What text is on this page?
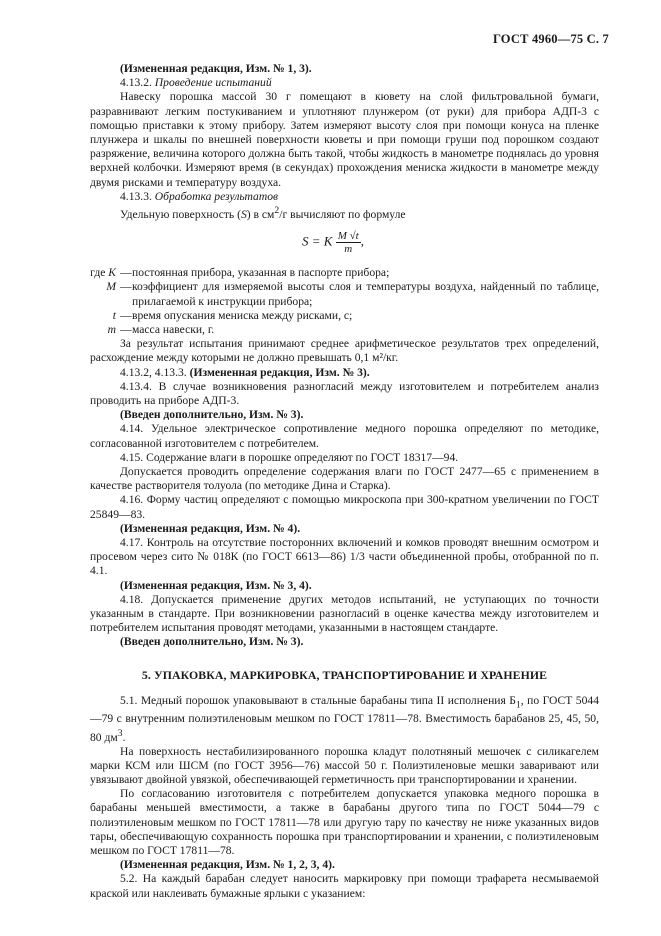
ГОСТ 4960—75 С. 7

(Измененная редакция, Изм. № 1, 3).

4.13.2. Проведение испытаний

Навеску порошка массой 30 г помещают в кювету на слой фильтровальной бумаги, разравнивают легким постукиванием и уплотняют плунжером (от руки) для прибора АДП-3 с помощью приставки к этому прибору. Затем измеряют высоту слоя при помощи конуса на пленке плунжера и шкалы по внешней поверхности кюветы и при помощи груши под порошком создают разряжение, величина которого должна быть такой, чтобы жидкость в манометре поднялась до уровня верхней колбочки. Измеряют время (в секундах) прохождения мениска жидкости в манометре между двумя рисками и температуру воздуха.

4.13.3. Обработка результатов

Удельную поверхность (S) в $см^2/г$ вычисляют по формуле

S = K $\frac{M √t}{m}$ ,
где K — постоянная прибора, указанная в паспорте прибора;
M — коэффициент для измеряемой высоты слоя и температуры воздуха, найденный по таблице, прилагаемой к инструкции прибора;
t — время опускания мениска между рисками, с;
m — масса навески, г.

За результат испытания принимают среднее арифметическое результатов трех определений, расхождение между которыми не должно превышать 0,1 м²/кг.

4.13.2, 4.13.3. (Измененная редакция, Изм. № 3).

4.13.4. В случае возникновения разногласий между изготовителем и потребителем анализ проводить на приборе АДП-3.

(Введен дополнительно, Изм. № 3).

4.14. Удельное электрическое сопротивление медного порошка определяют по методике, согласованной изготовителем с потребителем.

4.15. Содержание влаги в порошке определяют по ГОСТ 18317—94.

Допускается проводить определение содержания влаги по ГОСТ 2477—65 с применением в качестве растворителя толуола (по методике Дина и Старка).

4.16. Форму частиц определяют с помощью микроскопа при 300-кратном увеличении по ГОСТ 25849—83.

(Измененная редакция, Изм. № 4).

4.17. Контроль на отсутствие посторонних включений и комков проводят внешним осмотром и просевом через сито № 018К (по ГОСТ 6613—86) 1/3 части объединенной пробы, отобранной по п. 4.1.

(Измененная редакция, Изм. № 3, 4).

4.18. Допускается применение других методов испытаний, не уступающих по точности указанным в стандарте. При возникновении разногласий в оценке качества между изготовителем и потребителем испытания проводят методами, указанными в настоящем стандарте.

(Введен дополнительно, Изм. № 3).

5. УПАКОВКА, МАРКИРОВКА, ТРАНСПОРТИРОВАНИЕ И ХРАНЕНИЕ

5.1. Медный порошок упаковывают в стальные барабаны типа II исполнения $Б_1$, по ГОСТ 5044—79 с внутренним полиэтиленовым мешком по ГОСТ 17811—78. Вместимость барабанов 25, 45, 50, 80 $дм^3$.

На поверхность нестабилизированного порошка кладут полотняный мешочек с силикагелем марки КСМ или ШСМ (по ГОСТ 3956—76) массой 50 г. Полиэтиленовые мешки заваривают или увязывают двойной увязкой, обеспечивающей герметичность при транспортировании и хранении.

По согласованию изготовителя с потребителем допускается упаковка медного порошка в барабаны меньшей вместимости, а также в барабаны другого типа по ГОСТ 5044—79 с полиэтиленовым мешком по ГОСТ 17811—78 или другую тару по качеству не ниже указанных видов тары, обеспечивающую сохранность порошка при транспортировании и хранении, с полиэтиленовым мешком по ГОСТ 17811—78.

(Измененная редакция, Изм. № 1, 2, 3, 4).

5.2. На каждый барабан следует наносить маркировку при помощи трафарета несмываемой краской или наклеивать бумажные ярлыки с указанием:
